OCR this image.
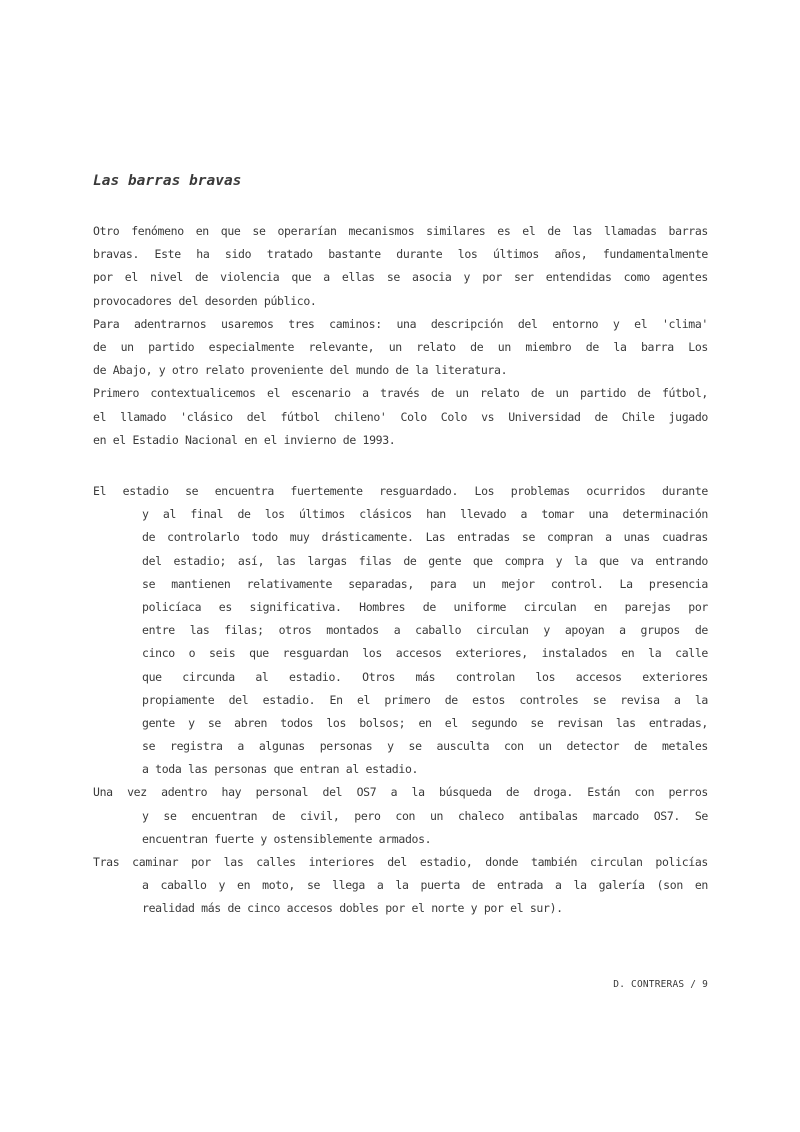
Las barras bravas
Otro fenómeno en que se operarían mecanismos similares es el de las llamadas barras
bravas. Este ha sido tratado bastante durante los últimos años, fundamentalmente
por el nivel de violencia que a ellas se asocia y por ser entendidas como agentes
provocadores del desorden público.
Para adentrarnos usaremos tres caminos: una descripción del entorno y el 'clima'
de un partido especialmente relevante, un relato de un miembro de la barra Los
de Abajo, y otro relato proveniente del mundo de la literatura.
Primero contextualicemos el escenario a través de un relato de un partido de fútbol,
el llamado 'clásico del fútbol chileno' Colo Colo vs Universidad de Chile jugado
en el Estadio Nacional en el invierno de 1993.
El estadio se encuentra fuertemente resguardado. Los problemas ocurridos durante
y al final de los últimos clásicos han llevado a tomar una determinación
de controlarlo todo muy drásticamente. Las entradas se compran a unas cuadras
del estadio; así, las largas filas de gente que compra y la que va entrando
se mantienen relativamente separadas, para un mejor control. La presencia
policíaca es significativa. Hombres de uniforme circulan en parejas por
entre las filas; otros montados a caballo circulan y apoyan a grupos de
cinco o seis que resguardan los accesos exteriores, instalados en la calle
que circunda al estadio. Otros más controlan los accesos exteriores
propiamente del estadio. En el primero de estos controles se revisa a la
gente y se abren todos los bolsos; en el segundo se revisan las entradas,
se registra a algunas personas y se ausculta con un detector de metales
a toda las personas que entran al estadio.
Una vez adentro hay personal del OS7 a la búsqueda de droga. Están con perros
y se encuentran de civil, pero con un chaleco antibalas marcado OS7. Se
encuentran fuerte y ostensiblemente armados.
Tras caminar por las calles interiores del estadio, donde también circulan policías
a caballo y en moto, se llega a la puerta de entrada a la galería (son en
realidad más de cinco accesos dobles por el norte y por el sur).
D. CONTRERAS / 9
